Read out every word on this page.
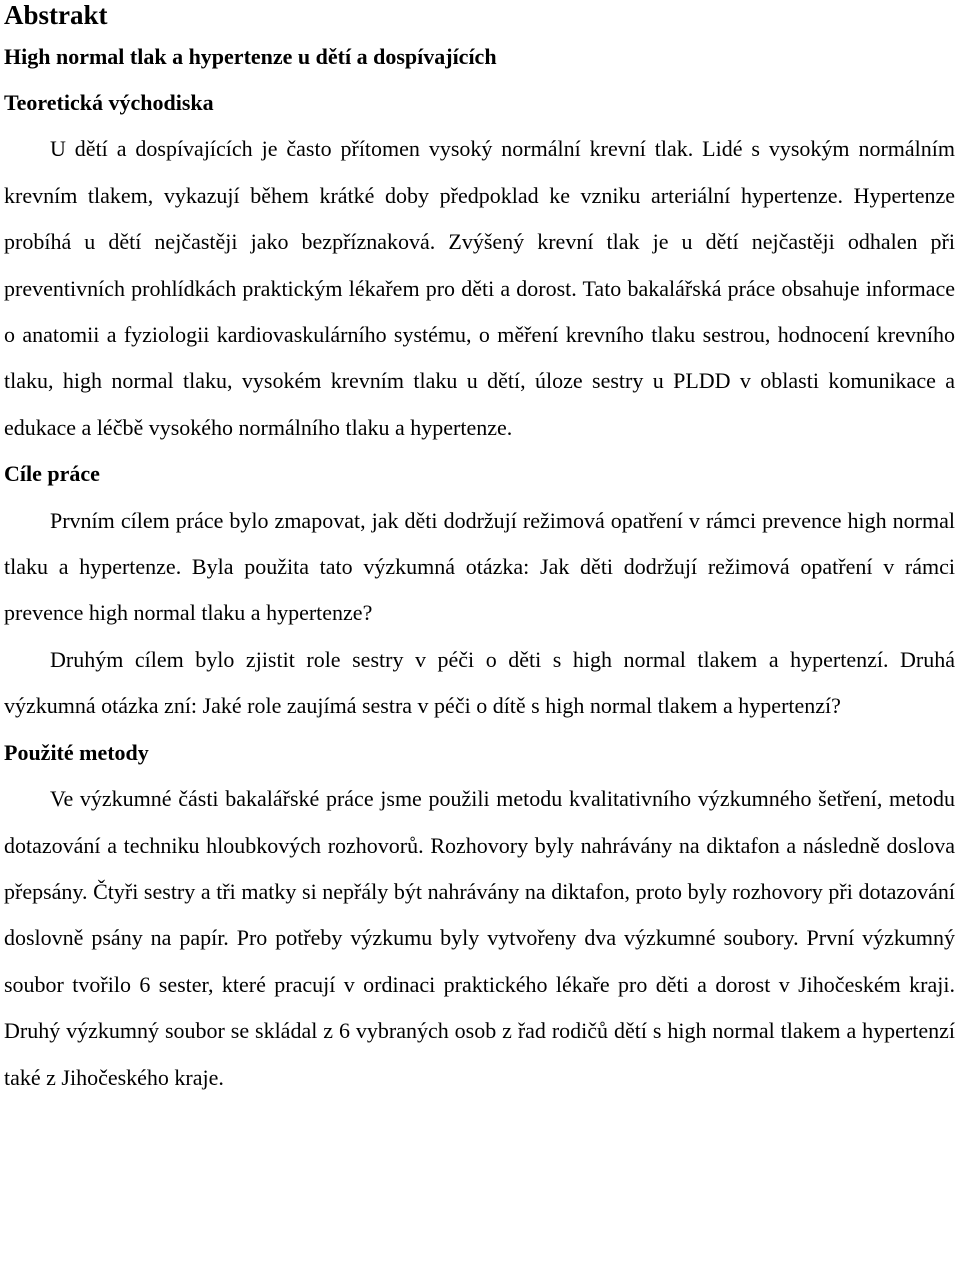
Abstrakt
High normal tlak a hypertenze u dětí a dospívajících
Teoretická východiska

U dětí a dospívajících je často přítomen vysoký normální krevní tlak. Lidé s vysokým normálním krevním tlakem, vykazují během krátké doby předpoklad ke vzniku arteriální hypertenze. Hypertenze probíhá u dětí nejčastěji jako bezpříznaková. Zvýšený krevní tlak je u dětí nejčastěji odhalen při preventivních prohlídkách praktickým lékařem pro děti a dorost. Tato bakalářská práce obsahuje informace o anatomii a fyziologii kardiovaskulárního systému, o měření krevního tlaku sestrou, hodnocení krevního tlaku, high normal tlaku, vysokém krevním tlaku u dětí, úloze sestry u PLDD v oblasti komunikace a edukace a léčbě vysokého normálního tlaku a hypertenze.

Cíle práce

Prvním cílem práce bylo zmapovat, jak děti dodržují režimová opatření v rámci prevence high normal tlaku a hypertenze. Byla použita tato výzkumná otázka: Jak děti dodržují režimová opatření v rámci prevence high normal tlaku a hypertenze?

Druhým cílem bylo zjistit role sestry v péči o děti s high normal tlakem a hypertenzí. Druhá výzkumná otázka zní: Jaké role zaujímá sestra v péči o dítě s high normal tlakem a hypertenzí?

Použité metody

Ve výzkumné části bakalářské práce jsme použili metodu kvalitativního výzkumného šetření, metodu dotazování a techniku hloubkových rozhovorů. Rozhovory byly nahrávány na diktafon a následně doslova přepsány. Čtyři sestry a tři matky si nepřály být nahrávány na diktafon, proto byly rozhovory při dotazování doslovně psány na papír. Pro potřeby výzkumu byly vytvořeny dva výzkumné soubory. První výzkumný soubor tvořilo 6 sester, které pracují v ordinaci praktického lékaře pro děti a dorost v Jihočeském kraji. Druhý výzkumný soubor se skládal z 6 vybraných osob z řad rodičů dětí s high normal tlakem a hypertenzí také z Jihočeského kraje.
